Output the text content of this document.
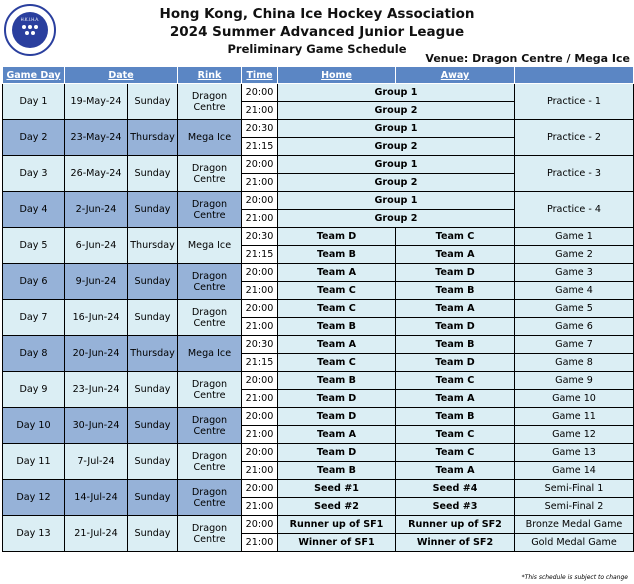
H.K.I.H.A.	Hong Kong, China Ice Hockey Association
2024 Summer Advanced Junior League
Preliminary Game Schedule
Venue: Dragon Centre / Mega Ice
Game Day	Date		Rink	Time	Home	Away	
Day 1	19-May-24	Sunday	Dragon Centre	20:00	Group 1		Practice - 1
				21:00	Group 2		
Day 2	23-May-24	Thursday	Mega Ice	20:30	Group 1		Practice - 2
				21:15	Group 2		
Day 3	26-May-24	Sunday	Dragon Centre	20:00	Group 1		Practice - 3
				21:00	Group 2		
Day 4	2-Jun-24	Sunday	Dragon Centre	20:00	Group 1		Practice - 4
				21:00	Group 2		
Day 5	6-Jun-24	Thursday	Mega Ice	20:30	Team D	Team C	Game 1
				21:15	Team B	Team A	Game 2
Day 6	9-Jun-24	Sunday	Dragon Centre	20:00	Team A	Team D	Game 3
				21:00	Team C	Team B	Game 4
Day 7	16-Jun-24	Sunday	Dragon Centre	20:00	Team C	Team A	Game 5
				21:00	Team B	Team D	Game 6
Day 8	20-Jun-24	Thursday	Mega Ice	20:30	Team A	Team B	Game 7
				21:15	Team C	Team D	Game 8
Day 9	23-Jun-24	Sunday	Dragon Centre	20:00	Team B	Team C	Game 9
				21:00	Team D	Team A	Game 10
Day 10	30-Jun-24	Sunday	Dragon Centre	20:00	Team D	Team B	Game 11
				21:00	Team A	Team C	Game 12
Day 11	7-Jul-24	Sunday	Dragon Centre	20:00	Team D	Team C	Game 13
				21:00	Team B	Team A	Game 14
Day 12	14-Jul-24	Sunday	Dragon Centre	20:00	Seed #1	Seed #4	Semi-Final 1
				21:00	Seed #2	Seed #3	Semi-Final 2
Day 13	21-Jul-24	Sunday	Dragon Centre	20:00	Runner up of SF1	Runner up of SF2	Bronze Medal Game
				21:00	Winner of SF1	Winner of SF2	Gold Medal Game
*This schedule is subject to change
